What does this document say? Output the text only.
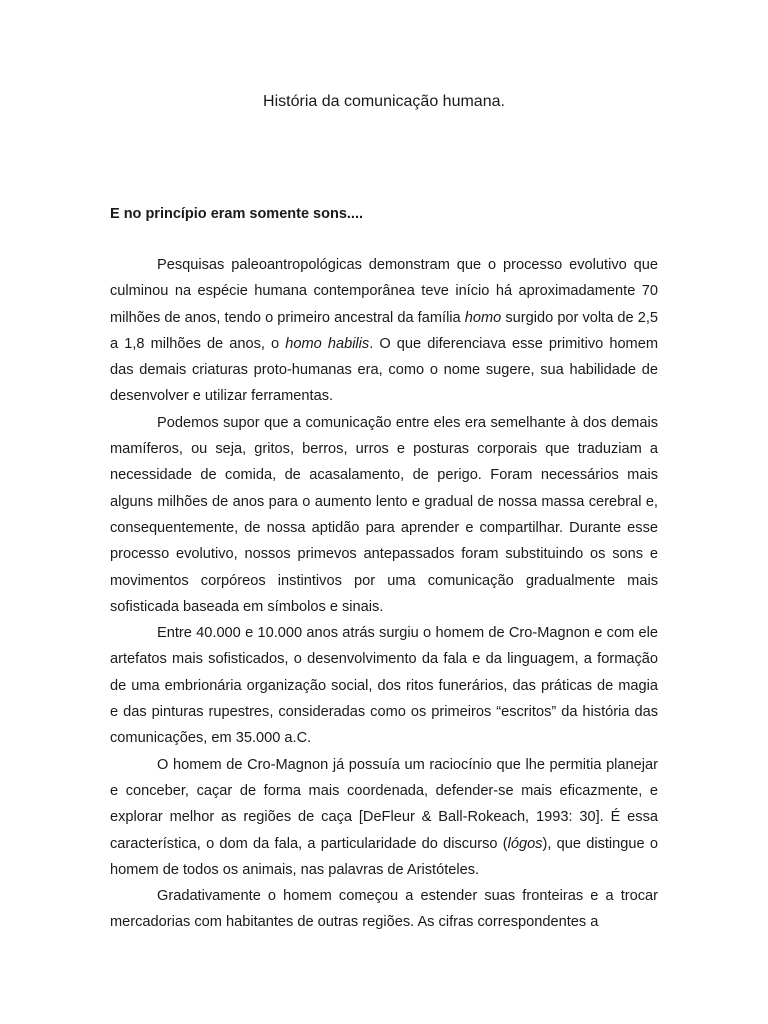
História da comunicação humana.
E no princípio eram somente sons....

Pesquisas paleoantropológicas demonstram que o processo evolutivo que culminou na espécie humana contemporânea teve início há aproximadamente 70 milhões de anos, tendo o primeiro ancestral da família homo surgido por volta de 2,5 a 1,8 milhões de anos, o homo habilis. O que diferenciava esse primitivo homem das demais criaturas proto-humanas era, como o nome sugere, sua habilidade de desenvolver e utilizar ferramentas.

Podemos supor que a comunicação entre eles era semelhante à dos demais mamíferos, ou seja, gritos, berros, urros e posturas corporais que traduziam a necessidade de comida, de acasalamento, de perigo. Foram necessários mais alguns milhões de anos para o aumento lento e gradual de nossa massa cerebral e, consequentemente, de nossa aptidão para aprender e compartilhar. Durante esse processo evolutivo, nossos primevos antepassados foram substituindo os sons e movimentos corpóreos instintivos por uma comunicação gradualmente mais sofisticada baseada em símbolos e sinais.

Entre 40.000 e 10.000 anos atrás surgiu o homem de Cro-Magnon e com ele artefatos mais sofisticados, o desenvolvimento da fala e da linguagem, a formação de uma embrionária organização social, dos ritos funerários, das práticas de magia e das pinturas rupestres, consideradas como os primeiros “escritos” da história das comunicações, em 35.000 a.C.

O homem de Cro-Magnon já possuía um raciocínio que lhe permitia planejar e conceber, caçar de forma mais coordenada, defender-se mais eficazmente, e explorar melhor as regiões de caça [DeFleur & Ball-Rokeach, 1993: 30]. É essa característica, o dom da fala, a particularidade do discurso (lógos), que distingue o homem de todos os animais, nas palavras de Aristóteles.

Gradativamente o homem começou a estender suas fronteiras e a trocar mercadorias com habitantes de outras regiões. As cifras correspondentes a
